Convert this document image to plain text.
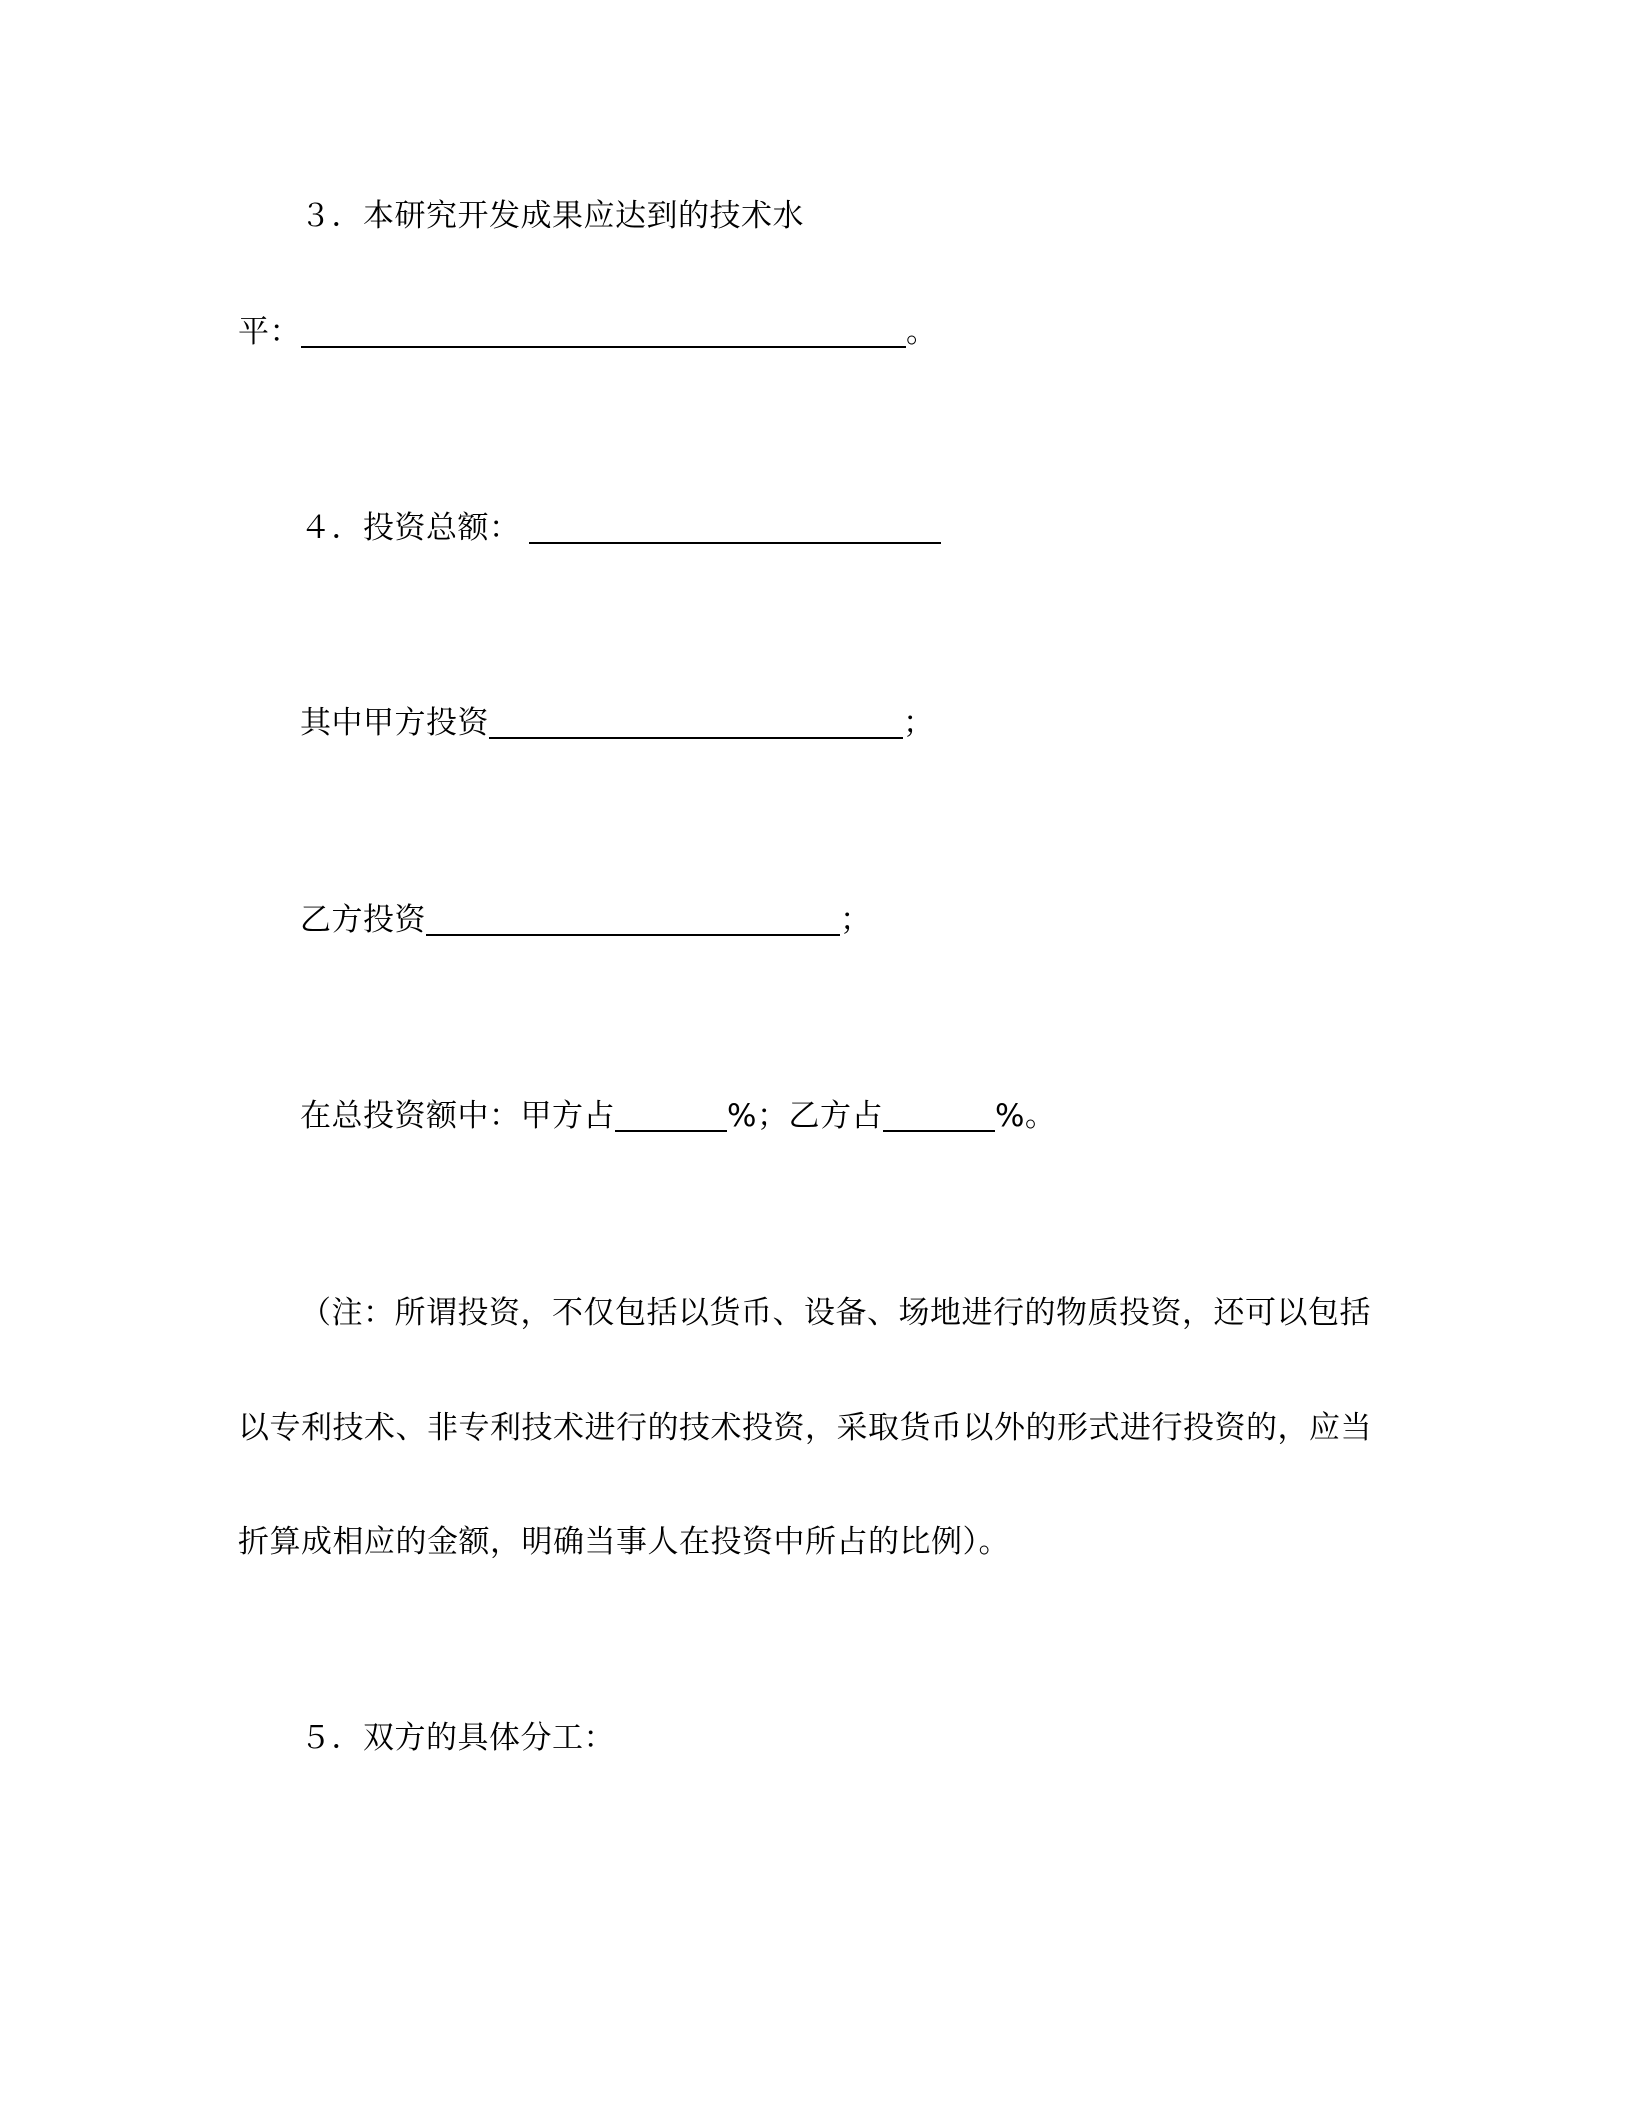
３．本研究开发成果应达到的技术水
平：	。
４．投资总额：
其中甲方投资	；
乙方投资	；
在总投资额中：甲方占	%；乙方占	%。
（注：所谓投资，不仅包括以货币、设备、场地进行的物质投资，还可以包括
以专利技术、非专利技术进行的技术投资，采取货币以外的形式进行投资的，应当
折算成相应的金额，明确当事人在投资中所占的比例）。
５．双方的具体分工：
